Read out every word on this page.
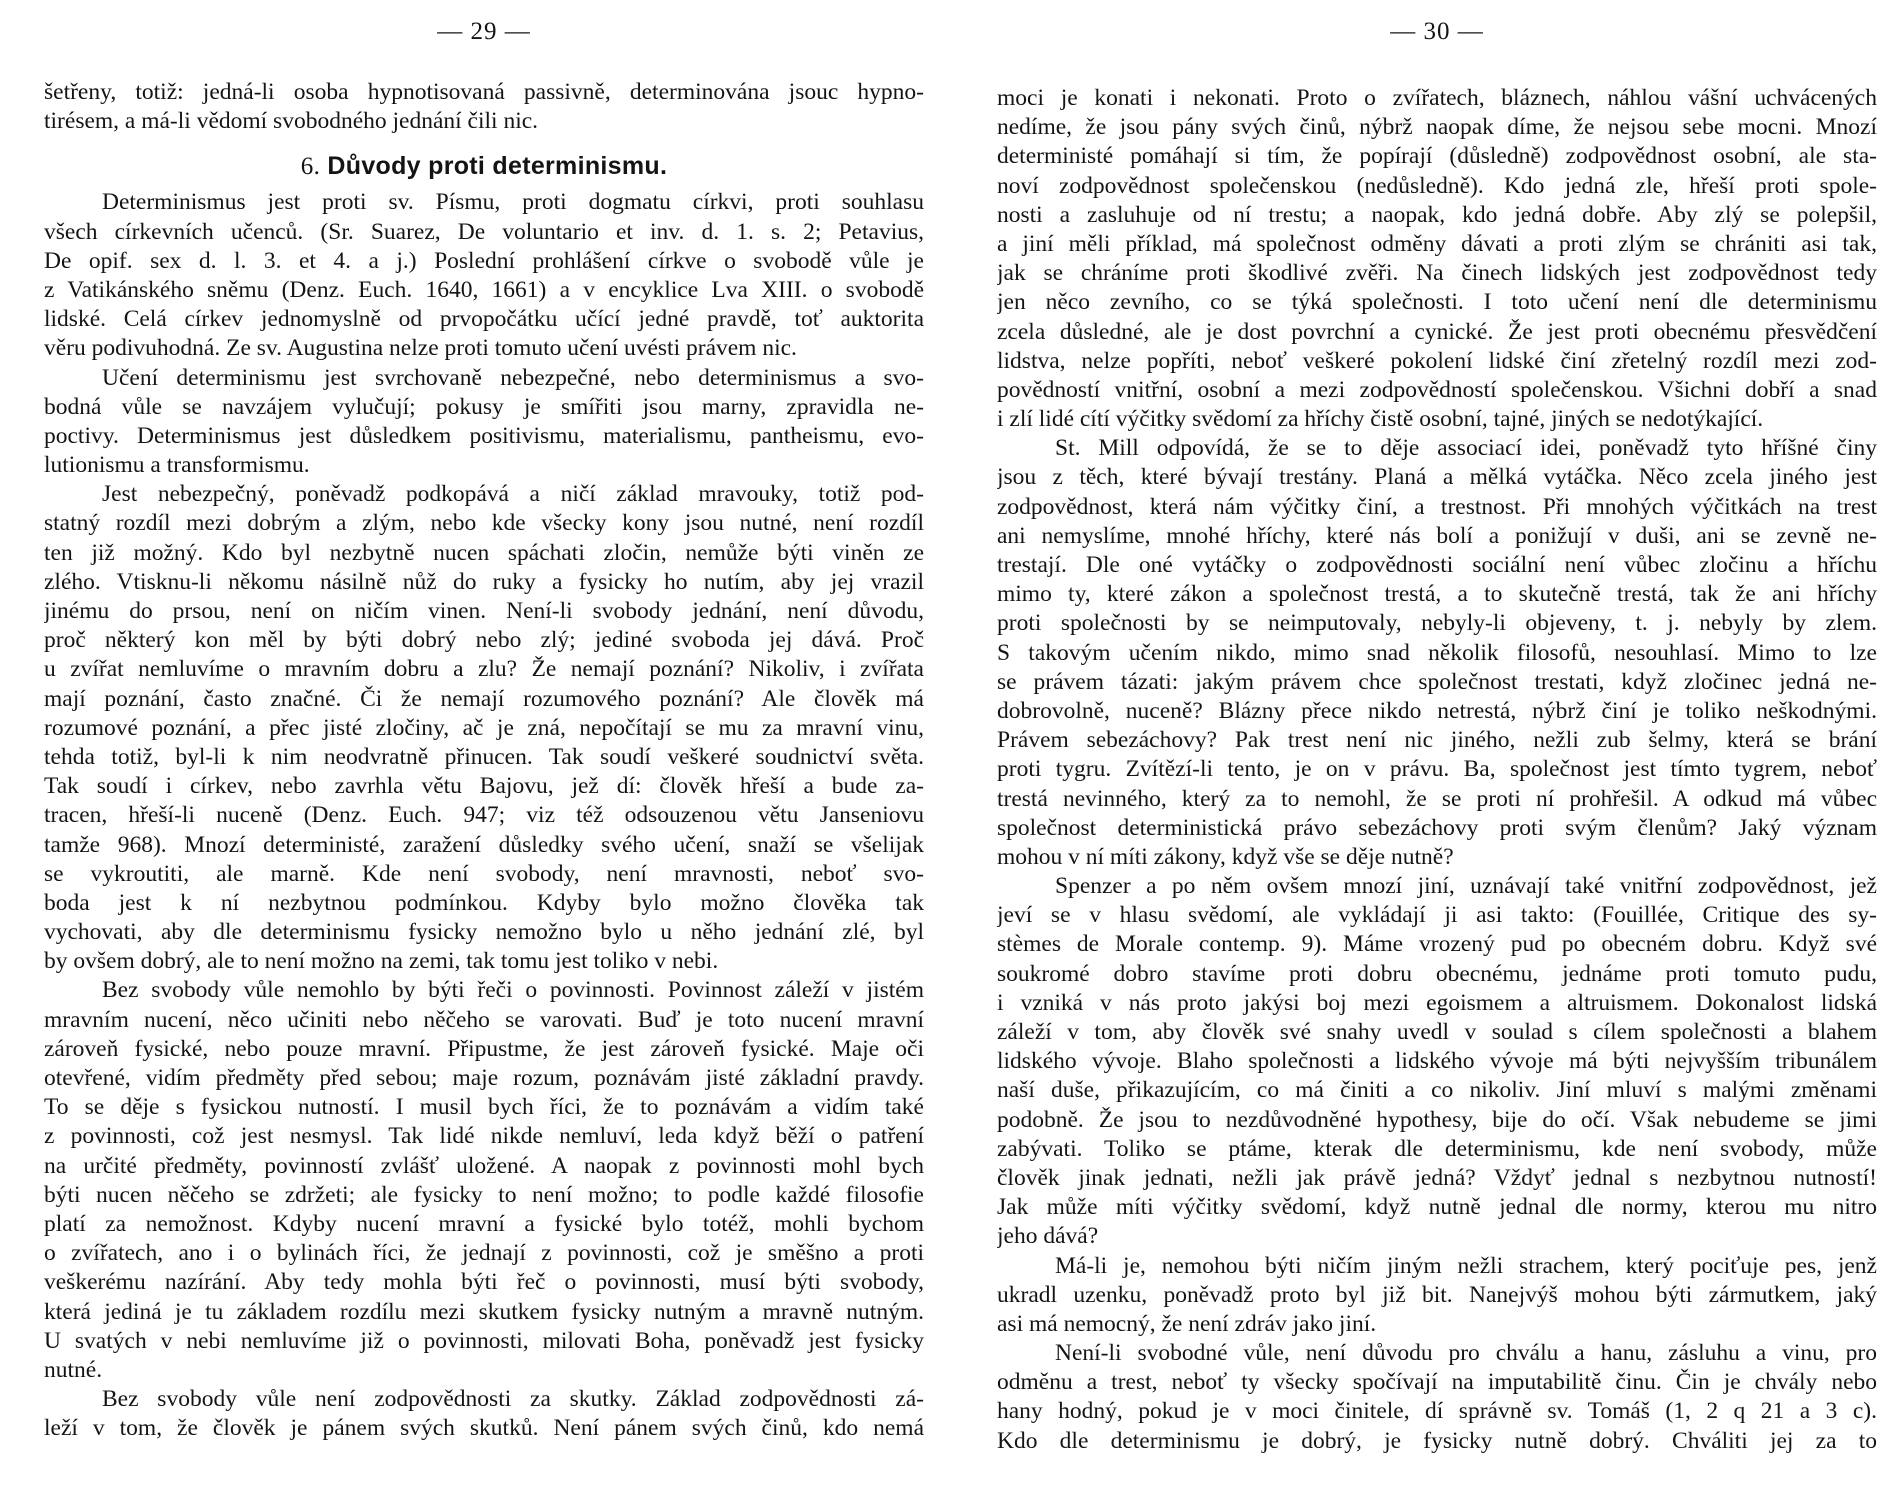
— 29 —
šetřeny, totiž: jedná-li osoba hypnotisovaná passivně, determinována jsouc hypno-
tirésem, a má-li vědomí svobodného jednání čili nic.
6. Důvody proti determinismu.
Determinismus jest proti sv. Písmu, proti dogmatu církvi, proti souhlasu
všech církevních učenců. (Sr. Suarez, De voluntario et inv. d. 1. s. 2; Petavius,
De opif. sex d. l. 3. et 4. a j.) Poslední prohlášení církve o svobodě vůle je
z Vatikánského sněmu (Denz. Euch. 1640, 1661) a v encyklice Lva XIII. o svobodě
lidské. Celá církev jednomyslně od prvopočátku učící jedné pravdě, toť auktorita
věru podivuhodná. Ze sv. Augustina nelze proti tomuto učení uvésti právem nic.
Učení determinismu jest svrchovaně nebezpečné, nebo determinismus a svo-
bodná vůle se navzájem vylučují; pokusy je smířiti jsou marny, zpravidla ne-
poctivy. Determinismus jest důsledkem positivismu, materialismu, pantheismu, evo-
lutionismu a transformismu.
Jest nebezpečný, poněvadž podkopává a ničí základ mravouky, totiž pod-
statný rozdíl mezi dobrým a zlým, nebo kde všecky kony jsou nutné, není rozdíl
ten již možný. Kdo byl nezbytně nucen spáchati zločin, nemůže býti viněn ze
zlého. Vtisknu-li někomu násilně nůž do ruky a fysicky ho nutím, aby jej vrazil
jinému do prsou, není on ničím vinen. Není-li svobody jednání, není důvodu,
proč některý kon měl by býti dobrý nebo zlý; jediné svoboda jej dává. Proč
u zvířat nemluvíme o mravním dobru a zlu? Že nemají poznání? Nikoliv, i zvířata
mají poznání, často značné. Či že nemají rozumového poznání? Ale člověk má
rozumové poznání, a přec jisté zločiny, ač je zná, nepočítají se mu za mravní vinu,
tehda totiž, byl-li k nim neodvratně přinucen. Tak soudí veškeré soudnictví světa.
Tak soudí i církev, nebo zavrhla větu Bajovu, jež dí: člověk hřeší a bude za-
tracen, hřeší-li nuceně (Denz. Euch. 947; viz též odsouzenou větu Janseniovu
tamže 968). Mnozí deterministé, zaražení důsledky svého učení, snaží se všelijak
se vykroutiti, ale marně. Kde není svobody, není mravnosti, neboť svo-
boda jest k ní nezbytnou podmínkou. Kdyby bylo možno člověka tak
vychovati, aby dle determinismu fysicky nemožno bylo u něho jednání zlé, byl
by ovšem dobrý, ale to není možno na zemi, tak tomu jest toliko v nebi.
Bez svobody vůle nemohlo by býti řeči o povinnosti. Povinnost záleží v jistém
mravním nucení, něco učiniti nebo něčeho se varovati. Buď je toto nucení mravní
zároveň fysické, nebo pouze mravní. Připustme, že jest zároveň fysické. Maje oči
otevřené, vidím předměty před sebou; maje rozum, poznávám jisté základní pravdy.
To se děje s fysickou nutností. I musil bych říci, že to poznávám a vidím také
z povinnosti, což jest nesmysl. Tak lidé nikde nemluví, leda když běží o patření
na určité předměty, povinností zvlášť uložené. A naopak z povinnosti mohl bych
býti nucen něčeho se zdržeti; ale fysicky to není možno; to podle každé filosofie
platí za nemožnost. Kdyby nucení mravní a fysické bylo totéž, mohli bychom
o zvířatech, ano i o bylinách říci, že jednají z povinnosti, což je směšno a proti
veškerému nazírání. Aby tedy mohla býti řeč o povinnosti, musí býti svobody,
která jediná je tu základem rozdílu mezi skutkem fysicky nutným a mravně nutným.
U svatých v nebi nemluvíme již o povinnosti, milovati Boha, poněvadž jest fysicky
nutné.
Bez svobody vůle není zodpovědnosti za skutky. Základ zodpovědnosti zá-
leží v tom, že člověk je pánem svých skutků. Není pánem svých činů, kdo nemá
— 30 —
moci je konati i nekonati. Proto o zvířatech, bláznech, náhlou vášní uchvácených
nedíme, že jsou pány svých činů, nýbrž naopak díme, že nejsou sebe mocni. Mnozí
deterministé pomáhají si tím, že popírají (důsledně) zodpovědnost osobní, ale sta-
noví zodpovědnost společenskou (nedůsledně). Kdo jedná zle, hřeší proti spole-
nosti a zasluhuje od ní trestu; a naopak, kdo jedná dobře. Aby zlý se polepšil,
a jiní měli příklad, má společnost odměny dávati a proti zlým se chrániti asi tak,
jak se chráníme proti škodlivé zvěři. Na činech lidských jest zodpovědnost tedy
jen něco zevního, co se týká společnosti. I toto učení není dle determinismu
zcela důsledné, ale je dost povrchní a cynické. Že jest proti obecnému přesvědčení
lidstva, nelze popříti, neboť veškeré pokolení lidské činí zřetelný rozdíl mezi zod-
povědností vnitřní, osobní a mezi zodpovědností společenskou. Všichni dobří a snad
i zlí lidé cítí výčitky svědomí za hříchy čistě osobní, tajné, jiných se nedotýkající.
St. Mill odpovídá, že se to děje associací idei, poněvadž tyto hříšné činy
jsou z těch, které bývají trestány. Planá a mělká vytáčka. Něco zcela jiného jest
zodpovědnost, která nám výčitky činí, a trestnost. Při mnohých výčitkách na trest
ani nemyslíme, mnohé hříchy, které nás bolí a ponižují v duši, ani se zevně ne-
trestají. Dle oné vytáčky o zodpovědnosti sociální není vůbec zločinu a hříchu
mimo ty, které zákon a společnost trestá, a to skutečně trestá, tak že ani hříchy
proti společnosti by se neimputovaly, nebyly-li objeveny, t. j. nebyly by zlem.
S takovým učením nikdo, mimo snad několik filosofů, nesouhlasí. Mimo to lze
se právem tázati: jakým právem chce společnost trestati, když zločinec jedná ne-
dobrovolně, nuceně? Blázny přece nikdo netrestá, nýbrž činí je toliko neškodnými.
Právem sebezáchovy? Pak trest není nic jiného, nežli zub šelmy, která se brání
proti tygru. Zvítězí-li tento, je on v právu. Ba, společnost jest tímto tygrem, neboť
trestá nevinného, který za to nemohl, že se proti ní prohřešil. A odkud má vůbec
společnost deterministická právo sebezáchovy proti svým členům? Jaký význam
mohou v ní míti zákony, když vše se děje nutně?
Spenzer a po něm ovšem mnozí jiní, uznávají také vnitřní zodpovědnost, jež
jeví se v hlasu svědomí, ale vykládají ji asi takto: (Fouillée, Critique des sy-
stèmes de Morale contemp. 9). Máme vrozený pud po obecném dobru. Když své
soukromé dobro stavíme proti dobru obecnému, jednáme proti tomuto pudu,
i vzniká v nás proto jakýsi boj mezi egoismem a altruismem. Dokonalost lidská
záleží v tom, aby člověk své snahy uvedl v soulad s cílem společnosti a blahem
lidského vývoje. Blaho společnosti a lidského vývoje má býti nejvyšším tribunálem
naší duše, přikazujícím, co má činiti a co nikoliv. Jiní mluví s malými změnami
podobně. Že jsou to nezdůvodněné hypothesy, bije do očí. Však nebudeme se jimi
zabývati. Toliko se ptáme, kterak dle determinismu, kde není svobody, může
člověk jinak jednati, nežli jak právě jedná? Vždyť jednal s nezbytnou nutností!
Jak může míti výčitky svědomí, když nutně jednal dle normy, kterou mu nitro
jeho dává?
Má-li je, nemohou býti ničím jiným nežli strachem, který pociťuje pes, jenž
ukradl uzenku, poněvadž proto byl již bit. Nanejvýš mohou býti zármutkem, jaký
asi má nemocný, že není zdráv jako jiní.
Není-li svobodné vůle, není důvodu pro chválu a hanu, zásluhu a vinu, pro
odměnu a trest, neboť ty všecky spočívají na imputabilitě činu. Čin je chvály nebo
hany hodný, pokud je v moci činitele, dí správně sv. Tomáš (1, 2 q 21 a 3 c).
Kdo dle determinismu je dobrý, je fysicky nutně dobrý. Chváliti jej za to
